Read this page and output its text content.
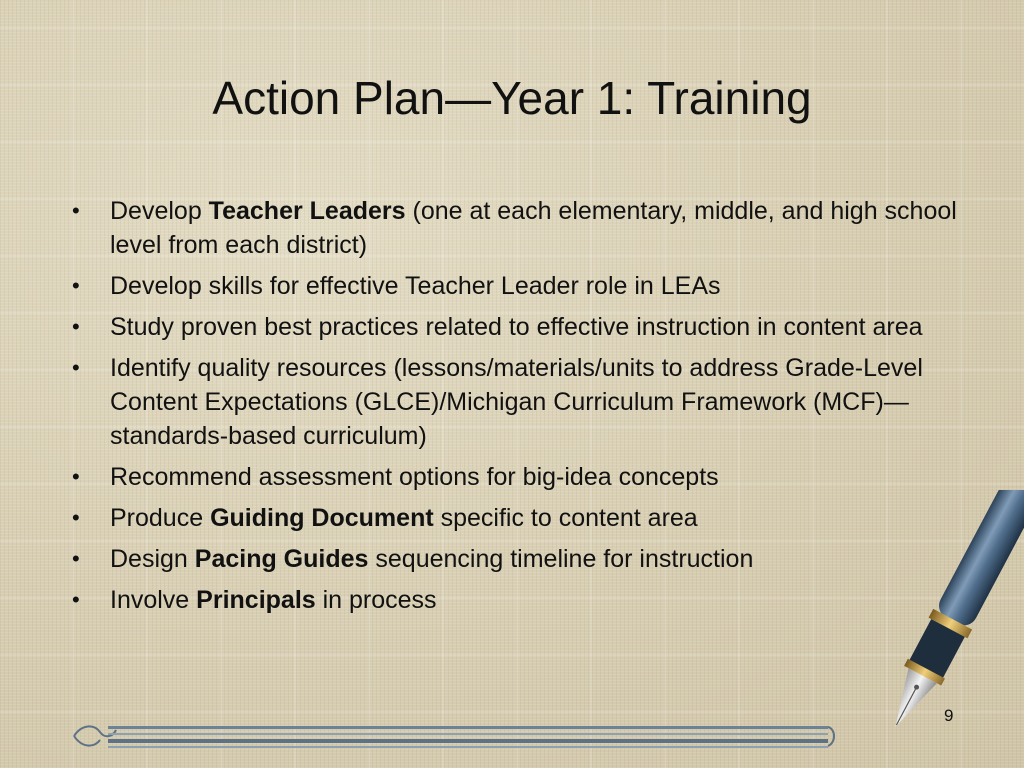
Action Plan—Year 1: Training
• Develop Teacher Leaders (one at each elementary, middle, and high school level from each district)
• Develop skills for effective Teacher Leader role in LEAs
• Study proven best practices related to effective instruction in content area
• Identify quality resources (lessons/materials/units to address Grade-Level Content Expectations (GLCE)/Michigan Curriculum Framework (MCF)—standards-based curriculum)
• Recommend assessment options for big-idea concepts
• Produce Guiding Document specific to content area
• Design Pacing Guides sequencing timeline for instruction
• Involve Principals in process
9
